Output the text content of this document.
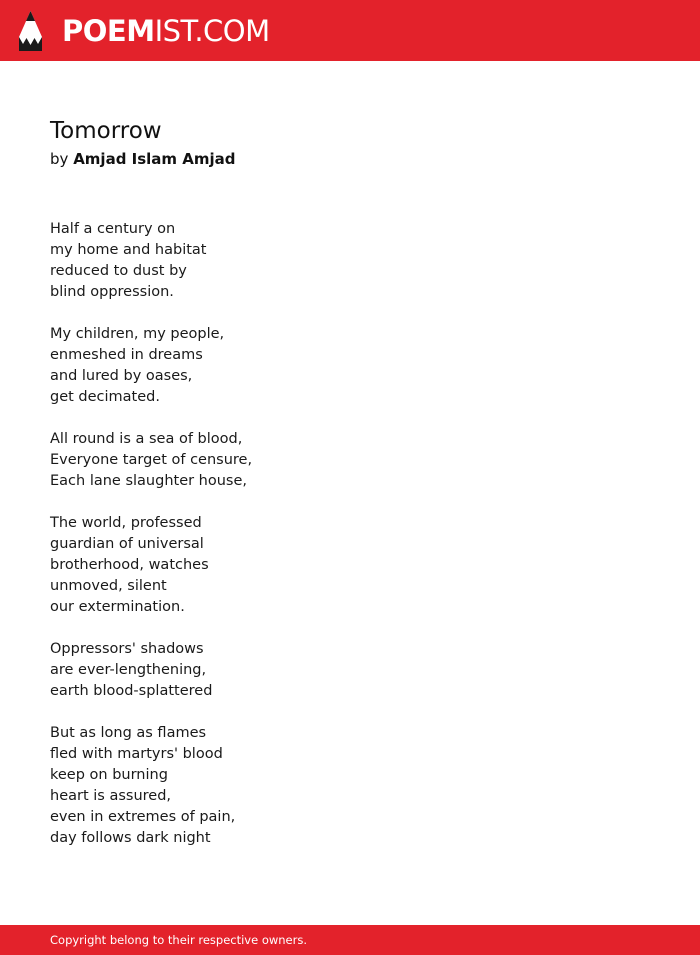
POEMIST.COM
Tomorrow
by Amjad Islam Amjad
Half a century on
my home and habitat
reduced to dust by
blind oppression.
My children, my people,
enmeshed in dreams
and lured by oases,
get decimated.
All round is a sea of blood,
Everyone target of censure,
Each lane slaughter house,
The world, professed
guardian of universal
brotherhood, watches
unmoved, silent
our extermination.
Oppressors' shadows
are ever-lengthening,
earth blood-splattered
But as long as flames
fled with martyrs' blood
keep on burning
heart is assured,
even in extremes of pain,
day follows dark night
Copyright belong to their respective owners.
